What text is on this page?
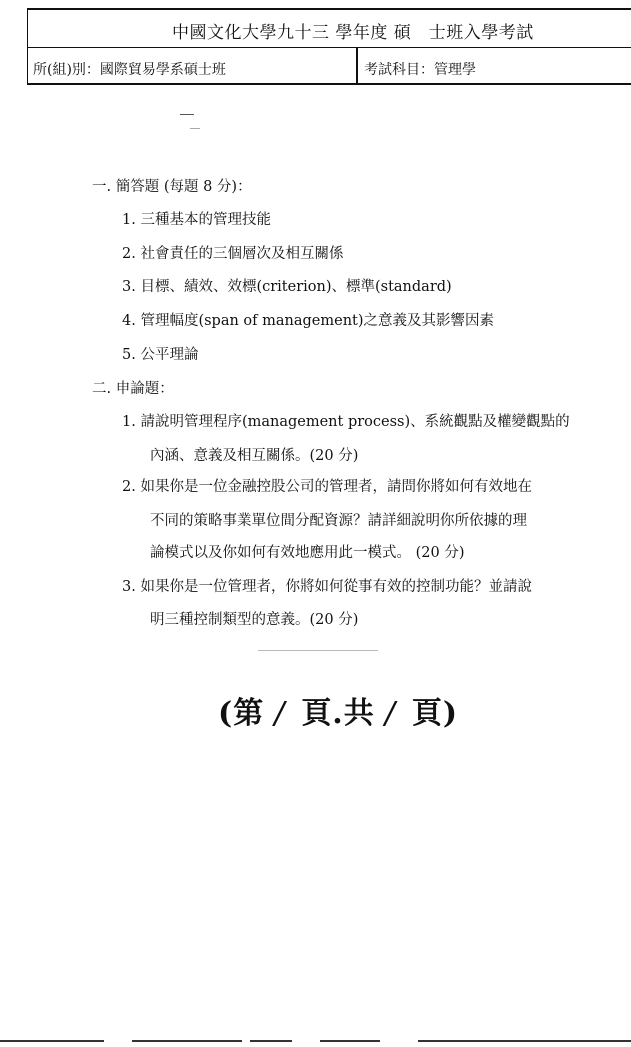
中國文化大學九十三 學年度 碩　士班入學考試
所(組)別：國際貿易學系碩士班	考試科目：管理學
一. 簡答題 (每題 8 分)：
1. 三種基本的管理技能
2. 社會責任的三個層次及相互關係
3. 目標、績效、效標(criterion)、標準(standard)
4. 管理幅度(span of management)之意義及其影響因素
5. 公平理論
二. 申論題：
1. 請說明管理程序(management process)、系統觀點及權變觀點的
內涵、意義及相互關係。(20 分)
2. 如果你是一位金融控股公司的管理者，請問你將如何有效地在
不同的策略事業單位間分配資源？請詳細說明你所依據的理
論模式以及你如何有效地應用此一模式。 (20 分)
3. 如果你是一位管理者，你將如何從事有效的控制功能？並請說
明三種控制類型的意義。(20 分)
(第 / 頁.共 / 頁)
